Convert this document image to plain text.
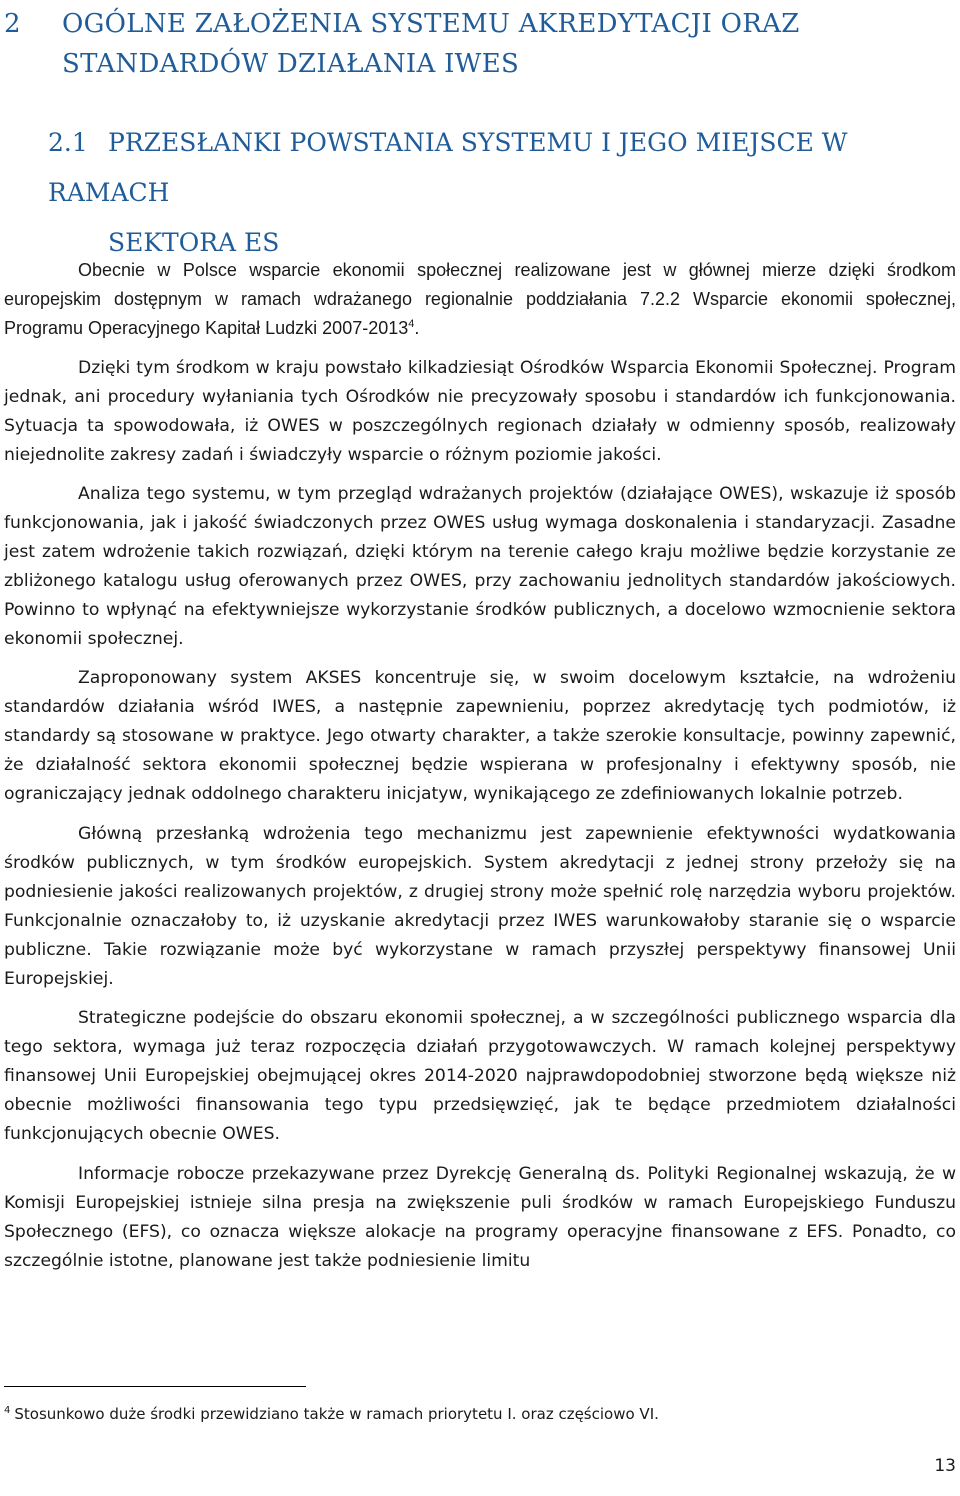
2 OGÓLNE ZAŁOŻENIA SYSTEMU AKREDYTACJI ORAZ
STANDARDÓW DZIAŁANIA IWES
2.1 PRZESŁANKI POWSTANIA SYSTEMU I JEGO MIEJSCE W RAMACH
SEKTORA ES

Obecnie w Polsce wsparcie ekonomii społecznej realizowane jest w głównej mierze dzięki środkom europejskim dostępnym w ramach wdrażanego regionalnie poddziałania 7.2.2 Wsparcie ekonomii społecznej, Programu Operacyjnego Kapitał Ludzki 2007-2013$^4$.

Dzięki tym środkom w kraju powstało kilkadziesiąt Ośrodków Wsparcia Ekonomii Społecznej. Program jednak, ani procedury wyłaniania tych Ośrodków nie precyzowały sposobu i standardów ich funkcjonowania. Sytuacja ta spowodowała, iż OWES w poszczególnych regionach działały w odmienny sposób, realizowały niejednolite zakresy zadań i świadczyły wsparcie o różnym poziomie jakości.

Analiza tego systemu, w tym przegląd wdrażanych projektów (działające OWES), wskazuje iż sposób funkcjonowania, jak i jakość świadczonych przez OWES usług wymaga doskonalenia i standaryzacji. Zasadne jest zatem wdrożenie takich rozwiązań, dzięki którym na terenie całego kraju możliwe będzie korzystanie ze zbliżonego katalogu usług oferowanych przez OWES, przy zachowaniu jednolitych standardów jakościowych. Powinno to wpłynąć na efektywniejsze wykorzystanie środków publicznych, a docelowo wzmocnienie sektora ekonomii społecznej.

Zaproponowany system AKSES koncentruje się, w swoim docelowym kształcie, na wdrożeniu standardów działania wśród IWES, a następnie zapewnieniu, poprzez akredytację tych podmiotów, iż standardy są stosowane w praktyce. Jego otwarty charakter, a także szerokie konsultacje, powinny zapewnić, że działalność sektora ekonomii społecznej będzie wspierana w profesjonalny i efektywny sposób, nie ograniczający jednak oddolnego charakteru inicjatyw, wynikającego ze zdefiniowanych lokalnie potrzeb.

Główną przesłanką wdrożenia tego mechanizmu jest zapewnienie efektywności wydatkowania środków publicznych, w tym środków europejskich. System akredytacji z jednej strony przełoży się na podniesienie jakości realizowanych projektów, z drugiej strony może spełnić rolę narzędzia wyboru projektów. Funkcjonalnie oznaczałoby to, iż uzyskanie akredytacji przez IWES warunkowałoby staranie się o wsparcie publiczne. Takie rozwiązanie może być wykorzystane w ramach przyszłej perspektywy finansowej Unii Europejskiej.

Strategiczne podejście do obszaru ekonomii społecznej, a w szczególności publicznego wsparcia dla tego sektora, wymaga już teraz rozpoczęcia działań przygotowawczych. W ramach kolejnej perspektywy finansowej Unii Europejskiej obejmującej okres 2014-2020 najprawdopodobniej stworzone będą większe niż obecnie możliwości finansowania tego typu przedsięwzięć, jak te będące przedmiotem działalności funkcjonujących obecnie OWES.

Informacje robocze przekazywane przez Dyrekcję Generalną ds. Polityki Regionalnej wskazują, że w Komisji Europejskiej istnieje silna presja na zwiększenie puli środków w ramach Europejskiego Funduszu Społecznego (EFS), co oznacza większe alokacje na programy operacyjne finansowane z EFS. Ponadto, co szczególnie istotne, planowane jest także podniesienie limitu

$^4$ Stosunkowo duże środki przewidziano także w ramach priorytetu I. oraz częściowo VI.
13
